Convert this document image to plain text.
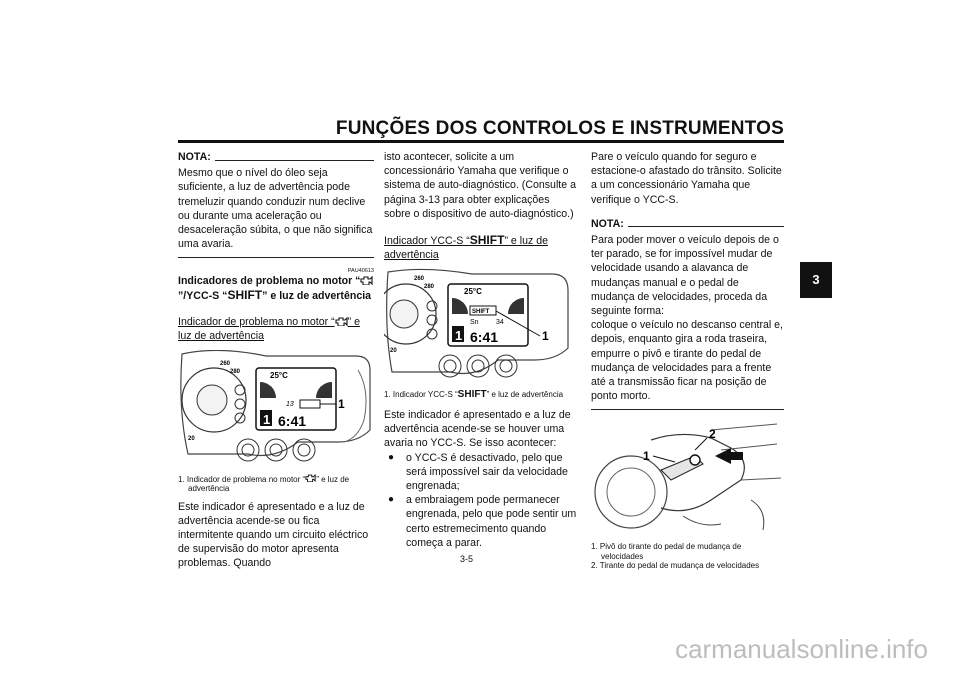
FUNÇÕES DOS CONTROLOS E INSTRUMENTOS
3
NOTA:

Mesmo que o nível do óleo seja suficiente, a luz de advertência pode tremeluzir quando conduzir num declive ou durante uma aceleração ou desaceleração súbita, o que não significa uma avaria.

PAU40613
Indicadores de problema no motor “”/YCC-S “SHIFT” e luz de advertência
Indicador de problema no motor “ ” e luz de advertência
260
280
20
25°C
13
1 6:41
1
1. Indicador de problema no motor “ ” e luz de advertência

Este indicador é apresentado e a luz de advertência acende-se ou fica intermitente quando um circuito eléctrico de supervisão do motor apresenta problemas. Quando

isto acontecer, solicite a um concessionário Yamaha que verifique o sistema de auto-diagnóstico. (Consulte a página 3-13 para obter explicações sobre o dispositivo de auto-diagnóstico.)

Indicador YCC-S “SHIFT” e luz de advertência
260
280
20
25°C
SHIFT
Sn 34
1 6:41	1
1. Indicador YCC-S “SHIFT” e luz de advertência

Este indicador é apresentado e a luz de advertência acende-se se houver uma avaria no YCC-S. Se isso acontecer:

● o YCC-S é desactivado, pelo que será impossível sair da velocidade engrenada;
● a embraiagem pode permanecer engrenada, pelo que pode sentir um certo estremecimento quando começa a parar.

Pare o veículo quando for seguro e estacione-o afastado do trânsito. Solicite a um concessionário Yamaha que verifique o YCC-S.

NOTA:

Para poder mover o veículo depois de o ter parado, se for impossível mudar de velocidade usando a alavanca de mudanças manual e o pedal de mudança de velocidades, proceda da seguinte forma:

coloque o veículo no descanso central e, depois, enquanto gira a roda traseira, empurre o pivô e tirante do pedal de mudança de velocidades para a frente até a transmissão ficar na posição de ponto morto.

1
2
1. Pivô do tirante do pedal de mudança de velocidades
2. Tirante do pedal de mudança de velocidades
3-5
carmanualsonline.info
